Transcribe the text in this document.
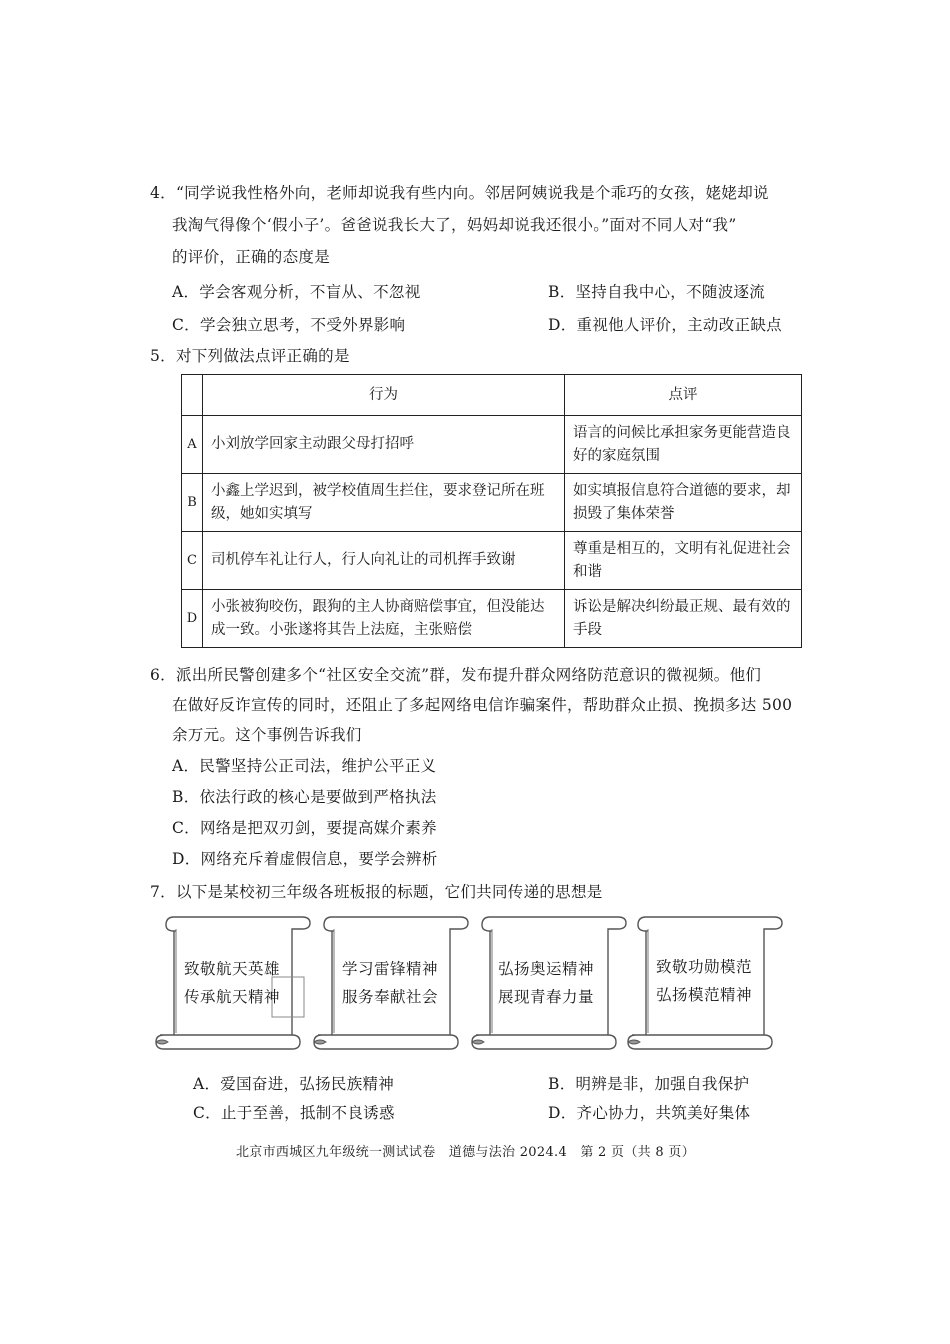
4．“同学说我性格外向，老师却说我有些内向。邻居阿姨说我是个乖巧的女孩，姥姥却说
我淘气得像个‘假小子’。爸爸说我长大了，妈妈却说我还很小。”面对不同人对“我”
的评价，正确的态度是
A．学会客观分析，不盲从、不忽视	B．坚持自我中心，不随波逐流
C．学会独立思考，不受外界影响	D．重视他人评价，主动改正缺点
5．对下列做法点评正确的是
	行为	点评
A	小刘放学回家主动跟父母打招呼	语言的问候比承担家务更能营造良好的家庭氛围
B	小鑫上学迟到，被学校值周生拦住，要求登记所在班级，她如实填写	如实填报信息符合道德的要求，却损毁了集体荣誉
C	司机停车礼让行人，行人向礼让的司机挥手致谢	尊重是相互的，文明有礼促进社会和谐
D	小张被狗咬伤，跟狗的主人协商赔偿事宜，但没能达成一致。小张遂将其告上法庭，主张赔偿	诉讼是解决纠纷最正规、最有效的手段
6．派出所民警创建多个“社区安全交流”群，发布提升群众网络防范意识的微视频。他们
在做好反诈宣传的同时，还阻止了多起网络电信诈骗案件，帮助群众止损、挽损多达 500
余万元。这个事例告诉我们
A．民警坚持公正司法，维护公平正义
B．依法行政的核心是要做到严格执法
C．网络是把双刃剑，要提高媒介素养
D．网络充斥着虚假信息，要学会辨析
7．以下是某校初三年级各班板报的标题，它们共同传递的思想是
致敬航天英雄
传承航天精神
学习雷锋精神
服务奉献社会
弘扬奥运精神
展现青春力量
致敬功勋模范
弘扬模范精神
A．爱国奋进，弘扬民族精神	B．明辨是非，加强自我保护
C．止于至善，抵制不良诱惑	D．齐心协力，共筑美好集体
北京市西城区九年级统一测试试卷　道德与法治 2024.4　第 2 页（共 8 页）
